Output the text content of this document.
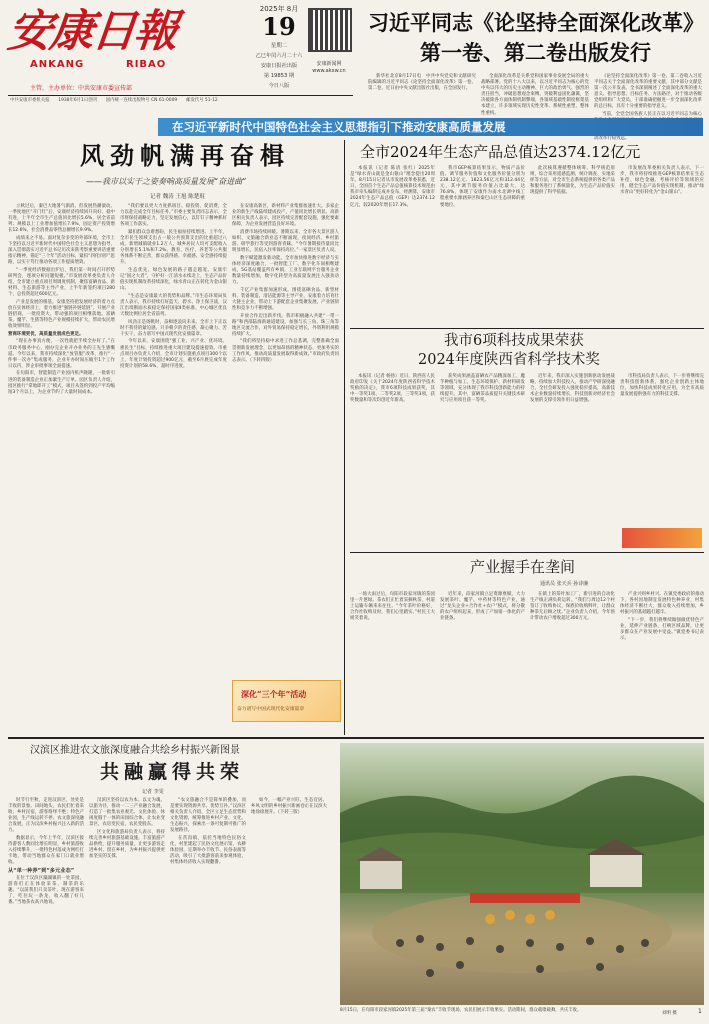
安康日報
ANKANG	RIBAO
主管、主办单位：中共安康市委宣传部
2025年 8月
19
星期二
乙巳年闰六月二十六
安康日报社出版
第 19853 期
今日八版
安康新闻网
www.akxw.cn
中共安康市委机关报　　1938年6月1日创刊　　国内统一连续出版物号 CN 61-0009　　邮发代号 51-12
习近平同志《论坚持全面深化改革》
第一卷、第二卷出版发行

新华社北京8月17日电　中共中央党史和文献研究院编辑的习近平同志《论坚持全面深化改革》第一卷、第二卷，近日由中央文献出版社出版，在全国发行。

全面深化改革是关系党和国家事业发展全局的重大战略部署。党的十八大以来，以习近平同志为核心的党中央以伟大的历史主动精神、巨大的政治勇气、强烈的责任担当，冲破思想观念束缚，突破利益固化藩篱，坚决破除各方面体制机制弊端，各领域基础性制度框架基本建立，许多领域实现历史性变革、系统性重塑、整体性重构。

《论坚持全面深化改革》第一卷、第二卷收入习近平同志关于全面深化改革的重要文献，其中部分文献是第一次公开发表。全书深刻阐述了全面深化改革的重大意义、指导思想、目标任务、方法路径，对于推动各级党组织和广大党员、干部准确把握进一步全面深化改革的总目标，具有十分重要的指导意义。

当前，全党全国各族人民正在以习近平同志为核心 动改革行稳致远。

在习近平新时代中国特色社会主义思想指引下推动安康高质量发展
风劲帆满再奋楫
——我市以实干之姿奏响高质量发展“奋进曲”
记者 魏涛 王旭 陈楚琨

立秋过后，秦巴大地暑气渐消，但发展热潮滚动。一季度地区“开门红”后，安康经济持续回升向好、稳中有进，上半年全市生产总值同比增长5.6%，居全省前列；规模以上工业增加值增长7.9%，固定资产投资增长12.6%，社会消费品零售总额增长9.9%。

成绩来之不易。面对复杂多变的外部环境，全市上下坚持以习近平新时代中国特色社会主义思想为指导，深入贯彻落实习近平总书记历次来陕考察重要讲话重要指示精神，锚定“三个年”活动目标，紧扣“四化同步”思路，以实干笃行推动各项工作提质增效。

“一季度经济数据出炉后，我们第一时间召开形势研判会，逐项分析问题短板。”市发展改革委负责人介绍，全市建立重点项目周调度机制，聚焦富硒食品、新材料、生态旅游等主导产业，上半年新签约项目280个，总投资超过600亿元。

产业是发展的根基。安康坚持把发展经济的着力点放在实体经济上，着力推进“强链补链延链”，开展产业链招商，一批投资大、带动强的项目相继落地。富硒茶、魔芋、生猪等特色产业规模持续扩大，带动农民增收效果明显。

营商环境更优，高质量发展成色更足。

“现在办事真方便，一次性就把手续全办好了。”在市政务服务中心，刚办完企业开办业务的王先生感慨道。今年以来，我市持续深化“放管服”改革，推行“一件事一次办”集成服务，企业开办时间压缩至1个工作日以内，涉企审批事项全面提速。

在旬阳市，智能制造产业园内机声隆隆，一批新引进的装备制造企业正加紧生产订单。园区负责人介绍，园区推行“拿地即开工”模式，项目从签约到投产平均缩短3个月以上，为企业节约了大量时间成本。

“我们要以更大力度抓项目、稳投资、促消费，全力以赴完成全年目标任务。”市委主要负责同志表示，全市将保持战略定力，坚定发展信心，以钉钉子精神抓好各项工作落实。

紧扣群众急难愁盼，民生福祉持续增进。上半年，全市民生领域支出占一般公共预算支出的比重超过八成，新增城镇就业1.2万人，城乡居民人均可支配收入分别增长5.1%和7.2%。教育、医疗、养老等公共服务体系不断完善，群众获得感、幸福感、安全感持续提升。

生态优先、绿色发展的路子越走越宽。安康牢记“国之大者”，守护好一江清水永续北上，生态产品价值实现机制改革持续深化，绿水青山正在转化为金山银山。

“生态是安康最大的优势和品牌。”市生态环境局负责人表示，我市持续打好蓝天、碧水、净土保卫战，汉江出境断面水质稳定保持国家Ⅱ类标准，中心城区优良天数比例位居全省前列。

风劲正是扬帆时，奋楫逐浪向未来。全市上下正以时不我待的紧迫感、只争朝夕的责任感，凝心聚力、苦干实干，奋力谱写中国式现代化安康篇章。

今年以来，安康围绕“强工业、兴产业、优环境、惠民生”目标，持续推进重大项目建设提速提效。市重点项目办负责人介绍，全市计划实施重点项目300个以上，年度计划投资超过900亿元，截至6月底完成年度投资计划的58.6%，超时序进度。

在安康高新区，新材料产业集群加速壮大。多家企业的新生产线陆续建成投产，产值同比增长明显。高新区相关负责人表示，园区持续完善配套设施，强化要素保障，为企业发展营造良好环境。

消费市场持续回暖。暑期以来，全市各大景区游人如织，文旅融合新业态不断涌现，夜间经济、乡村旅游、研学旅行等受到游客青睐。“今年暑期接待量同比明显增长，民宿入住率保持高位。”一家景区负责人说。

数字赋能激发新动能。全市加快推进数字经济与实体经济深度融合，一批智能工厂、数字化车间相继建成，5G基站覆盖所有乡镇，工业互联网平台服务企业数量持续增加，数字化转型为高质量发展注入强劲动力。

千亿产业集群加速形成。围绕富硒食品、新型材料、装备制造、清洁能源等主导产业，安康着力培育壮大链主企业，带动上下游配套企业集聚发展，产业链韧性和竞争力不断增强。

开放合作迈出新步伐。我市积极融入共建“一带一路”和西部陆海新通道建设，加强与长三角、珠三角等地区交流合作，对外贸易保持稳定增长，外资利用规模持续扩大。

“我们将坚持稳中求进工作总基调，完整准确全面贯彻新发展理念，以更加昂扬的精神状态、更加务实的工作作风，推动高质量发展取得新成效。”市政府负责同志表示。（下转四版）

深化“三个年”活动
奋力谱写中国式现代化安康篇章
全市2024年生态产品总值达2374.12亿元

本报讯（记者 陈清 张红）2025年是“绿水青山就是金山银山”理念提出20周年。8月15日记者从市发展改革委获悉，近日，全国首个生态产品总值核算技术规范由我市牵头编制完成并发布，经测算，安康市2024年生态产品总值（GEP）达2374.12亿元，较2020年增长17.3%。

我市GEP核算结果显示，物质产品价值、调节服务价值和文化服务价值分别为238.12亿元、1823.56亿元和312.44亿元，其中调节服务价值占比最大，达76.8%，体现了安康作为南水北调中线工程重要水源涵养区和秦巴山区生态屏障的重要地位。

此次核算遵循整体统筹、科学规范原则，综合采用遥感监测、统计调查、实地采样等方法，对全市生态系统提供的各类产品和服务进行了系统量化，为生态产品价值实现提供了科学依据。

市发展改革委相关负责人表示，下一步，我市将持续推进GEP核算结果在生态补偿、绿色金融、考核评价等领域的应用，健全生态产品价值实现机制，推动“绿水青山”更好转化为“金山银山”。

我市6项科技成果荣获
2024年度陕西省科学技术奖

本报讯（记者 杨扬）近日，陕西省人民政府印发《关于2024年度陕西省科学技术奖励的决定》，我市6项科技成果获奖，其中一等奖1项、二等奖2项、三等奖3项，获奖数量和等次均创近年新高。

获奖成果涵盖富硒农产品精深加工、魔芋种植与加工、生态环境保护、新材料研发等领域，充分体现了我市科技创新能力的持续提升。其中，富硒茶品质提升关键技术研究与应用项目获一等奖。

近年来，我市深入实施创新驱动发展战略，持续加大科技投入，推动产学研深度融合，全社会研发投入强度稳步提高，高新技术企业数量持续增长，科技创新对经济社会发展的支撑引领作用日益增强。

市科技局负责人表示，下一步将继续完善科技创新体系，强化企业创新主体地位，加快科技成果转化应用，为全市高质量发展提供强有力的科技支撑。

产业握手在垄间
通讯员 张天兵 孙诗廉

一场大雨过后，旬阳市段家河镇的茶园里一片葱绿。茶农们正忙着采摘秋茶，村道上运输车辆来来往往。“今年茶叶价格好，合作社收购及时，我们心里踏实。”村民王大姐笑着说。

近年来，段家河镇立足资源禀赋，大力发展茶叶、魔芋、中药材等特色产业，通过“龙头企业+合作社+农户”模式，将分散的农户组织起来，形成了产加销一体化的产业链条。

在镇上的茶叶加工厂，新引进的自动化生产线正满负荷运转。“我们与周边12个村签订了收购协议，保底价收购鲜叶，让群众种茶无后顾之忧。”企业负责人介绍，今年预计带动农户增收超过300万元。

产业兴则乡村兴。在镇党委政府的推动下，各村因地制宜发展特色种养业，村集体经济不断壮大，群众收入持续增加，乡村振兴的基础越打越牢。

“下一步，我们将继续做强做优特色产业，延伸产业链条，打响区域品牌，让更多群众在产业发展中受益。”镇党委书记表示。

汉滨区推进农文旅深度融合共绘乡村振兴新图景
共融赢得共荣
记者 李雯

时节行至秋，走进汉滨区，处处是丰收的景象。田间地头，农民们忙着采收；乡村民宿，游客络绎不绝；特色产业园，生产线运转不停。农文旅深度融合发展，正为汉滨乡村振兴注入新的活力。

数据显示，今年上半年，汉滨区接待游客人数同比增长明显，乡村旅游收入持续攀升，一批特色村落成为网红打卡地，带动当地群众在家门口就业增收。

从“单一种养”到“多元业态”

在位于汉滨区瀛湖镇的一处茶园，游客们正在体验采茶、制茶的乐趣。“以前我们只卖茶叶，现在游客来了，吃住玩一条龙，收入翻了好几番。”当地茶农高兴地说。

汉滨区坚持以农为本、以文为魂、以旅为径，推动一二三产业融合发展，打造了一批集农业观光、文化体验、休闲度假于一体的田园综合体，让农业变景区、农房变民宿、农民变股东。

区文化和旅游局负责人表示，将持续完善乡村旅游基础设施，丰富旅游产品供给，提升服务质量，让更多游客走进乡村、留在乡村，为乡村振兴提供更加坚实的支撑。

“农文旅融合不是简单的叠加，而是要实现资源共享、优势互补。”汉滨区相关负责人介绍，全区立足生态优势和文化资源，统筹推进乡村产业、文化、生态振兴，探索出一条可复制可推广的发展路径。

在茨沟镇，依托当地特色民俗文化，村里建起了民俗文化展示馆、农耕体验园，定期举办丰收节、民俗表演等活动，吸引了大批游客前来参观体验，村集体经济收入实现翻番。

如今，一幅产业兴旺、生态宜居、乡风文明的乡村振兴新画卷正在汉滨大地徐徐展开。（下转三版）

8月15日，在旬阳市段家河镇2025年第三届“秦农”丰收节现场，农民们展示丰收果实。活动期间，群众载歌载舞，共庆丰收。
刘明 摄	1
